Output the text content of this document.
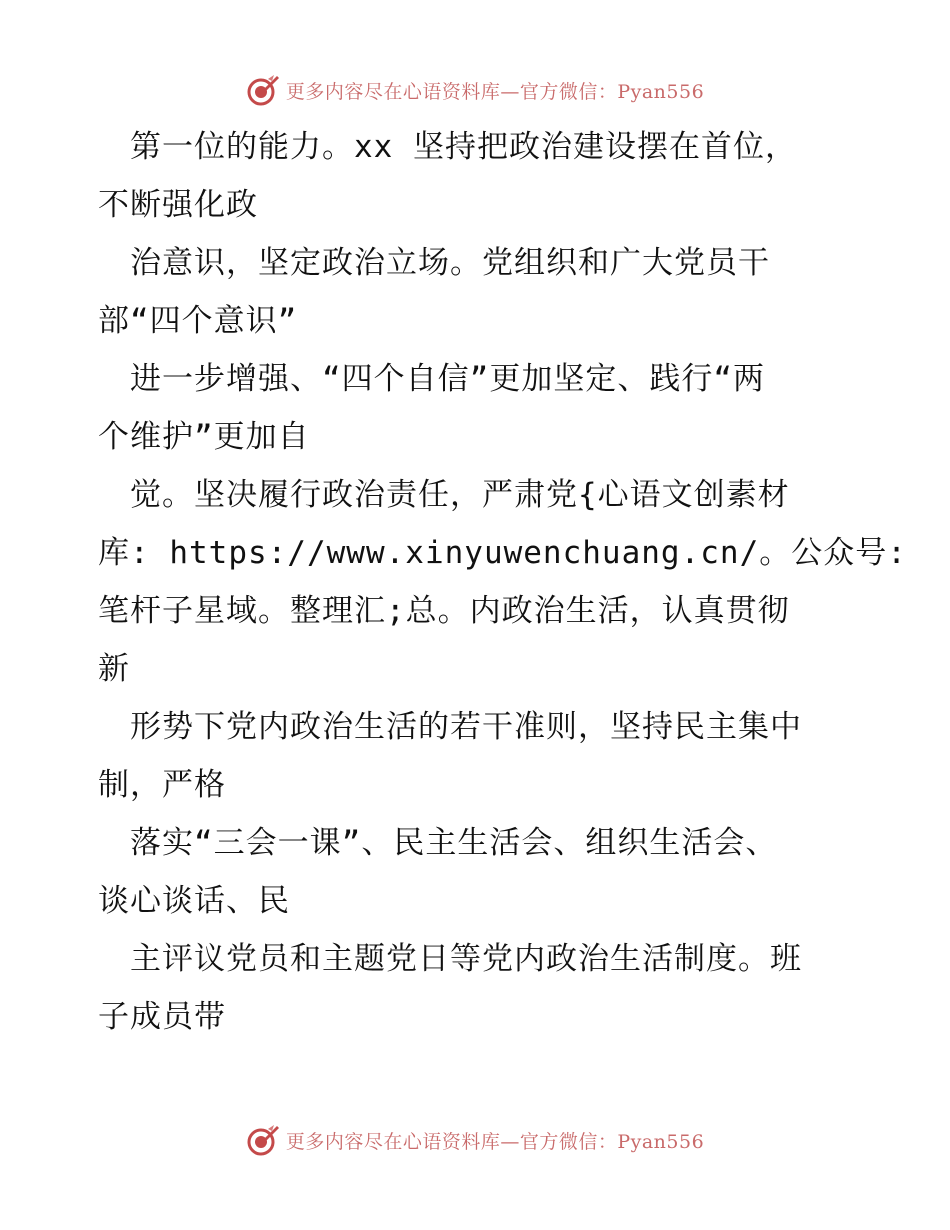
更多内容尽在心语资料库—官方微信：Pyan556
　第一位的能力。xx 坚持把政治建设摆在首位，
不断强化政
　治意识，坚定政治立场。党组织和广大党员干
部“四个意识”
　进一步增强、“四个自信”更加坚定、践行“两
个维护”更加自
　觉。坚决履行政治责任，严肃党{心语文创素材
库: https://www.xinyuwenchuang.cn/。公众号:
笔杆子星域。整理汇;总。内政治生活，认真贯彻
新
　形势下党内政治生活的若干准则，坚持民主集中
制，严格
　落实“三会一课”、民主生活会、组织生活会、
谈心谈话、民
　主评议党员和主题党日等党内政治生活制度。班
子成员带
更多内容尽在心语资料库—官方微信：Pyan556
